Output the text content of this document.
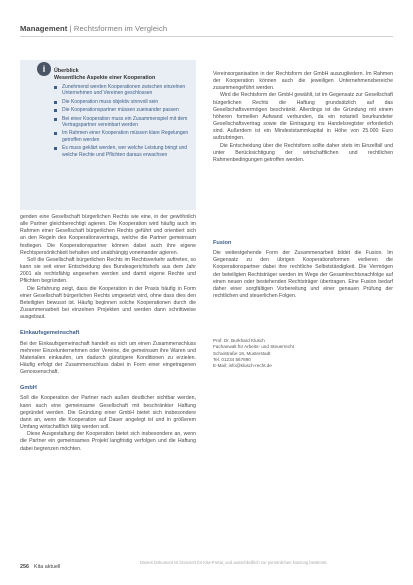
Management | Rechtsformen im Vergleich
i	Überblick
Wesentliche Aspekte einer Kooperation
Zunehmend werden Kooperationen zwischen einzelnen Unternehmen und Vereinen geschlossen
Die Kooperation muss objektiv sinnvoll sein
Die Kooperationspartner müssen zueinander passen
Bei einer Kooperation muss ein Zusammenspiel mit dem Vertragspartner vereinbart werden
Im Rahmen einer Kooperation müssen klare Regelungen getroffen werden
Es muss geklärt werden, wer welche Leistung bringt und welche Rechte und Pflichten daraus erwachsen

genden eine Gesellschaft bürgerlichen Rechts wie eine, in der gewöhnlich alle Partner gleichberechtigt agieren. Die Kooperation wird häufig auch im Rahmen einer Gesellschaft bürgerlichen Rechts geführt und orientiert sich an den Regeln des Kooperationsvertrags, welche die Partner gemeinsam festlegen. Die Kooperationspartner können dabei auch ihre eigene Rechtspersönlichkeit behalten und unabhängig voneinander agieren.

Soll die Gesellschaft bürgerlichen Rechts im Rechtsverkehr auftreten, so kann sie seit einer Entscheidung des Bundesgerichtshofs aus dem Jahr 2001 als rechtsfähig angesehen werden und damit eigene Rechte und Pflichten begründen.

Die Erfahrung zeigt, dass die Kooperation in der Praxis häufig in Form einer Gesellschaft bürgerlichen Rechts umgesetzt wird, ohne dass dies den Beteiligten bewusst ist. Häufig beginnen solche Kooperationen durch die Zusammenarbeit bei einzelnen Projekten und werden dann schrittweise ausgebaut.

Einkaufsgemeinschaft

Bei der Einkaufsgemeinschaft handelt es sich um einen Zusammenschluss mehrerer Einzelunternehmen oder Vereine, die gemeinsam ihre Waren und Materialien einkaufen, um dadurch günstigere Konditionen zu erzielen. Häufig erfolgt der Zusammenschluss dabei in Form einer eingetragenen Genossenschaft.

GmbH

Soll die Kooperation der Partner nach außen deutlicher sichtbar werden, kann auch eine gemeinsame Gesellschaft mit beschränkter Haftung gegründet werden. Die Gründung einer GmbH bietet sich insbesondere dann an, wenn die Kooperation auf Dauer angelegt ist und in größerem Umfang wirtschaftlich tätig werden soll.

Diese Ausgestaltung der Kooperation bietet sich insbesondere an, wenn die Partner ein gemeinsames Projekt langfristig verfolgen und die Haftung dabei begrenzen möchten.

Vereinsorganisation in der Rechtsform der GmbH auszugliedern. Im Rahmen der Kooperation können auch die jeweiligen Unternehmensbereiche zusammengeführt werden.

Wird die Rechtsform der GmbH gewählt, ist im Gegensatz zur Gesellschaft bürgerlichen Rechts die Haftung grundsätzlich auf das Gesellschaftsvermögen beschränkt. Allerdings ist die Gründung mit einem höheren formellen Aufwand verbunden, da ein notariell beurkundeter Gesellschaftsvertrag sowie die Eintragung ins Handelsregister erforderlich sind. Außerdem ist ein Mindeststammkapital in Höhe von 25.000 Euro aufzubringen.

Die Entscheidung über die Rechtsform sollte daher stets im Einzelfall und unter Berücksichtigung der wirtschaftlichen und rechtlichen Rahmenbedingungen getroffen werden.

Fusion

Die weitestgehende Form der Zusammenarbeit bildet die Fusion. Im Gegensatz zu den übrigen Kooperationsformen verlieren die Kooperationspartner dabei ihre rechtliche Selbstständigkeit. Die Vermögen der beteiligten Rechtsträger werden im Wege der Gesamtrechtsnachfolge auf einen neuen oder bestehenden Rechtsträger übertragen. Eine Fusion bedarf daher einer sorgfältigen Vorbereitung und einer genauen Prüfung der rechtlichen und steuerlichen Folgen.

Prof. Dr. Burkhard Klusch
Fachanwalt für Arbeits- und Steuerrecht
Schulstraße 16, Musterstadt
Tel. 01234 567890
E-Mail: info@klusch-recht.de
256 Kita aktuell
Dieses Dokument ist lizenziert für Kita-Portal, und ausschließlich zur persönlichen Nutzung bestimmt.
